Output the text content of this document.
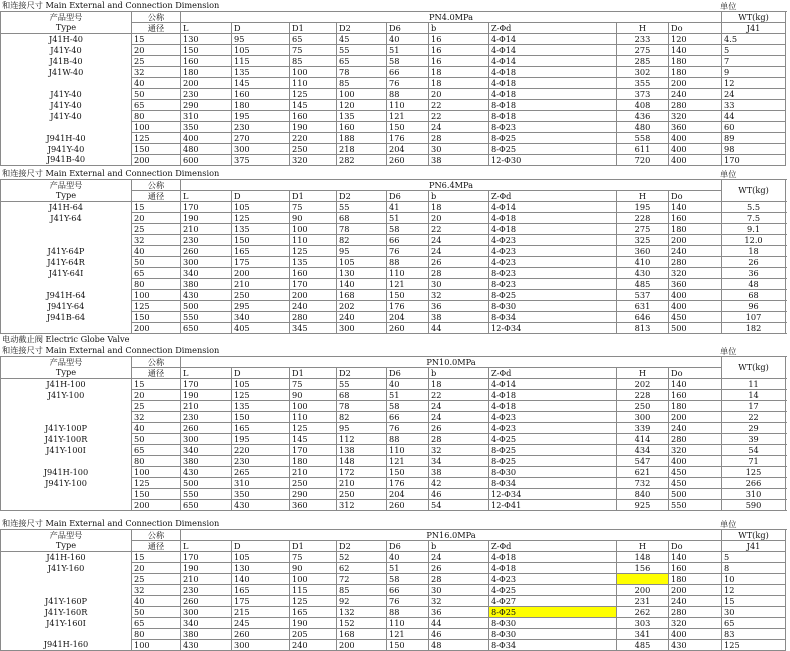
和连接尺寸 Main External and Connection Dimension	单位
产品型号	公称	PN4.0MPa									WT(kg)	
Type	通径	L	D	D1	D2	D6	b	Z-Φd	H	Do	J41	
J41H-40	15	130	95	65	45	40	16	4-Φ14	233	120	4.5	
J41Y-40	20	150	105	75	55	51	16	4-Φ14	275	140	5	
J41B-40	25	160	115	85	65	58	16	4-Φ14	285	180	7	
J41W-40	32	180	135	100	78	66	18	4-Φ18	302	180	9	
	40	200	145	110	85	76	18	4-Φ18	355	200	12	
J41Y-40	50	230	160	125	100	88	20	4-Φ18	373	240	24	
J41Y-40	65	290	180	145	120	110	22	8-Φ18	408	280	33	
J41Y-40	80	310	195	160	135	121	22	8-Φ18	436	320	44	
	100	350	230	190	160	150	24	8-Φ23	480	360	60	
J941H-40	125	400	270	220	188	176	28	8-Φ25	558	400	89	
J941Y-40	150	480	300	250	218	204	30	8-Φ25	611	400	98	
J941B-40	200	600	375	320	282	260	38	12-Φ30	720	400	170	
和连接尺寸 Main External and Connection Dimension	单位
产品型号	公称	PN6.4MPa									WT(kg)
Type	通径	L	D	D1	D2	D6	b	Z-Φd	H	Do	
J41H-64	15	170	105	75	55	41	18	4-Φ14	195	140	5.5
J41Y-64	20	190	125	90	68	51	20	4-Φ18	228	160	7.5
	25	210	135	100	78	58	22	4-Φ18	275	180	9.1
	32	230	150	110	82	66	24	4-Φ23	325	200	12.0
J41Y-64P	40	260	165	125	95	76	24	4-Φ23	360	240	18
J41Y-64R	50	300	175	135	105	88	26	4-Φ23	410	280	26
J41Y-64I	65	340	200	160	130	110	28	8-Φ23	430	320	36
	80	380	210	170	140	121	30	8-Φ23	485	360	48
J941H-64	100	430	250	200	168	150	32	8-Φ25	537	400	68
J941Y-64	125	500	295	240	202	176	36	8-Φ30	631	400	96
J941B-64	150	550	340	280	240	204	38	8-Φ34	646	450	107
	200	650	405	345	300	260	44	12-Φ34	813	500	182
电动截止阀 Electric Globe Valve
和连接尺寸 Main External and Connection Dimension	单位
产品型号	公称	PN10.0MPa									WT(kg)
Type	通径	L	D	D1	D2	D6	b	Z-Φd	H	Do	
J41H-100	15	170	105	75	55	40	18	4-Φ14	202	140	11
J41Y-100	20	190	125	90	68	51	22	4-Φ18	228	160	14
	25	210	135	100	78	58	24	4-Φ18	250	180	17
	32	230	150	110	82	66	24	4-Φ23	300	200	22
J41Y-100P	40	260	165	125	95	76	26	4-Φ23	339	240	29
J41Y-100R	50	300	195	145	112	88	28	4-Φ25	414	280	39
J41Y-100I	65	340	220	170	138	110	32	8-Φ25	434	320	54
	80	380	230	180	148	121	34	8-Φ25	547	400	71
J941H-100	100	430	265	210	172	150	38	8-Φ30	621	450	125
J941Y-100	125	500	310	250	210	176	42	8-Φ34	732	450	266
	150	550	350	290	250	204	46	12-Φ34	840	500	310
	200	650	430	360	312	260	54	12-Φ41	925	550	590
和连接尺寸 Main External and Connection Dimension	单位
产品型号	公称	PN16.0MPa									WT(kg)	
Type	通径	L	D	D1	D2	D6	b	Z-Φd	H	Do	J41	
J41H-160	15	170	105	75	52	40	24	4-Φ18	148	140	5	
J41Y-160	20	190	130	90	62	51	26	4-Φ18	156	160	8	
	25	210	140	100	72	58	28	4-Φ23		180	10	
	32	230	165	115	85	66	30	4-Φ25	200	200	12	
J41Y-160P	40	260	175	125	92	76	32	4-Φ27	231	240	15	
J41Y-160R	50	300	215	165	132	88	36	8-Φ25	262	280	30	
J41Y-160I	65	340	245	190	152	110	44	8-Φ30	303	320	65	
	80	380	260	205	168	121	46	8-Φ30	341	400	83	
J941H-160	100	430	300	240	200	150	48	8-Φ34	485	430	125	
